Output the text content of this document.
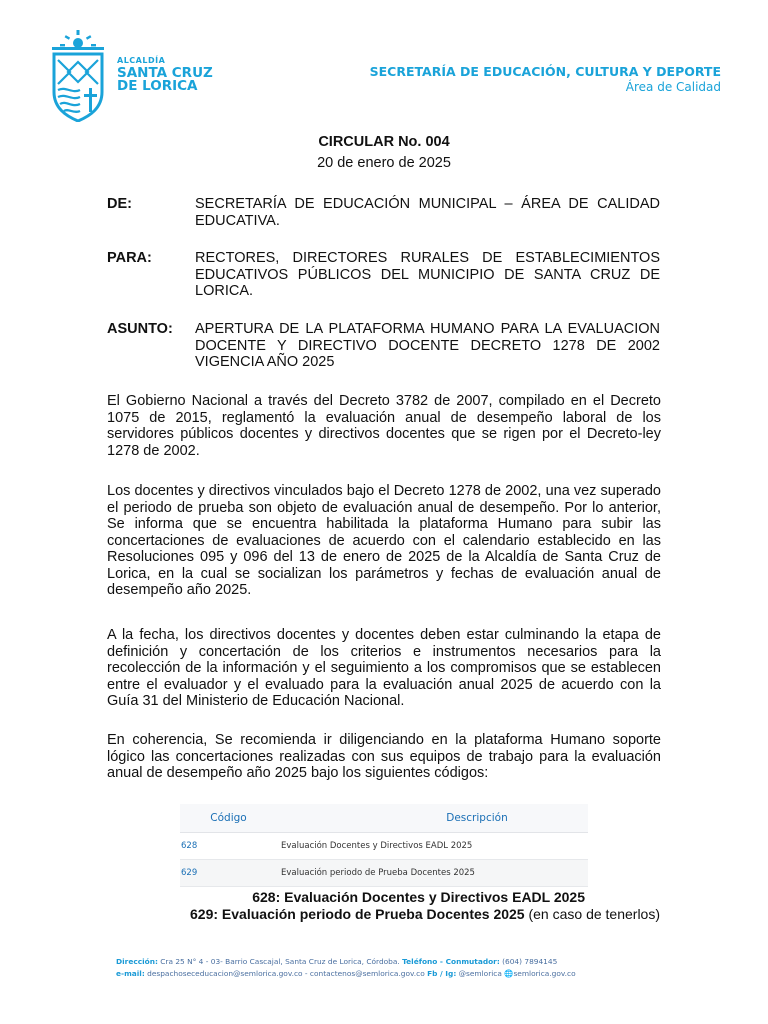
ALCALDÍA
SANTA CRUZ
DE LORICA
SECRETARÍA DE EDUCACIÓN, CULTURA Y DEPORTE
Área de Calidad
CIRCULAR No. 004
20 de enero de 2025
DE:	SECRETARÍA DE EDUCACIÓN MUNICIPAL – ÁREA DE CALIDAD EDUCATIVA.
PARA:	RECTORES, DIRECTORES RURALES DE ESTABLECIMIENTOS EDUCATIVOS PÚBLICOS DEL MUNICIPIO DE SANTA CRUZ DE LORICA.
ASUNTO: APERTURA DE LA PLATAFORMA HUMANO PARA LA EVALUACION DOCENTE Y DIRECTIVO DOCENTE DECRETO 1278 DE 2002 VIGENCIA AÑO 2025
El Gobierno Nacional a través del Decreto 3782 de 2007, compilado en el Decreto 1075 de 2015, reglamentó la evaluación anual de desempeño laboral de los servidores públicos docentes y directivos docentes que se rigen por el Decreto-ley 1278 de 2002.
Los docentes y directivos vinculados bajo el Decreto 1278 de 2002, una vez superado el periodo de prueba son objeto de evaluación anual de desempeño. Por lo anterior, Se informa que se encuentra habilitada la plataforma Humano para subir las concertaciones de evaluaciones de acuerdo con el calendario establecido en las Resoluciones 095 y 096 del 13 de enero de 2025 de la Alcaldía de Santa Cruz de Lorica, en la cual se socializan los parámetros y fechas de evaluación anual de desempeño año 2025.
A la fecha, los directivos docentes y docentes deben estar culminando la etapa de definición y concertación de los criterios e instrumentos necesarios para la recolección de la información y el seguimiento a los compromisos que se establecen entre el evaluador y el evaluado para la evaluación anual 2025 de acuerdo con la Guía 31 del Ministerio de Educación Nacional.
En coherencia, Se recomienda ir diligenciando en la plataforma Humano soporte lógico las concertaciones realizadas con sus equipos de trabajo para la evaluación anual de desempeño año 2025 bajo los siguientes códigos:
Código	Descripción
628	Evaluación Docentes y Directivos EADL 2025
629	Evaluación periodo de Prueba Docentes 2025
628: Evaluación Docentes y Directivos EADL 2025
629: Evaluación periodo de Prueba Docentes 2025 (en caso de tenerlos)
Dirección: Cra 25 N° 4 - 03- Barrio Cascajal, Santa Cruz de Lorica, Córdoba. Teléfono - Conmutador: (604) 7894145
e-mail: despachoseceducacion@semlorica.gov.co - contactenos@semlorica.gov.co Fb / Ig: @semlorica 🌐semlorica.gov.co
